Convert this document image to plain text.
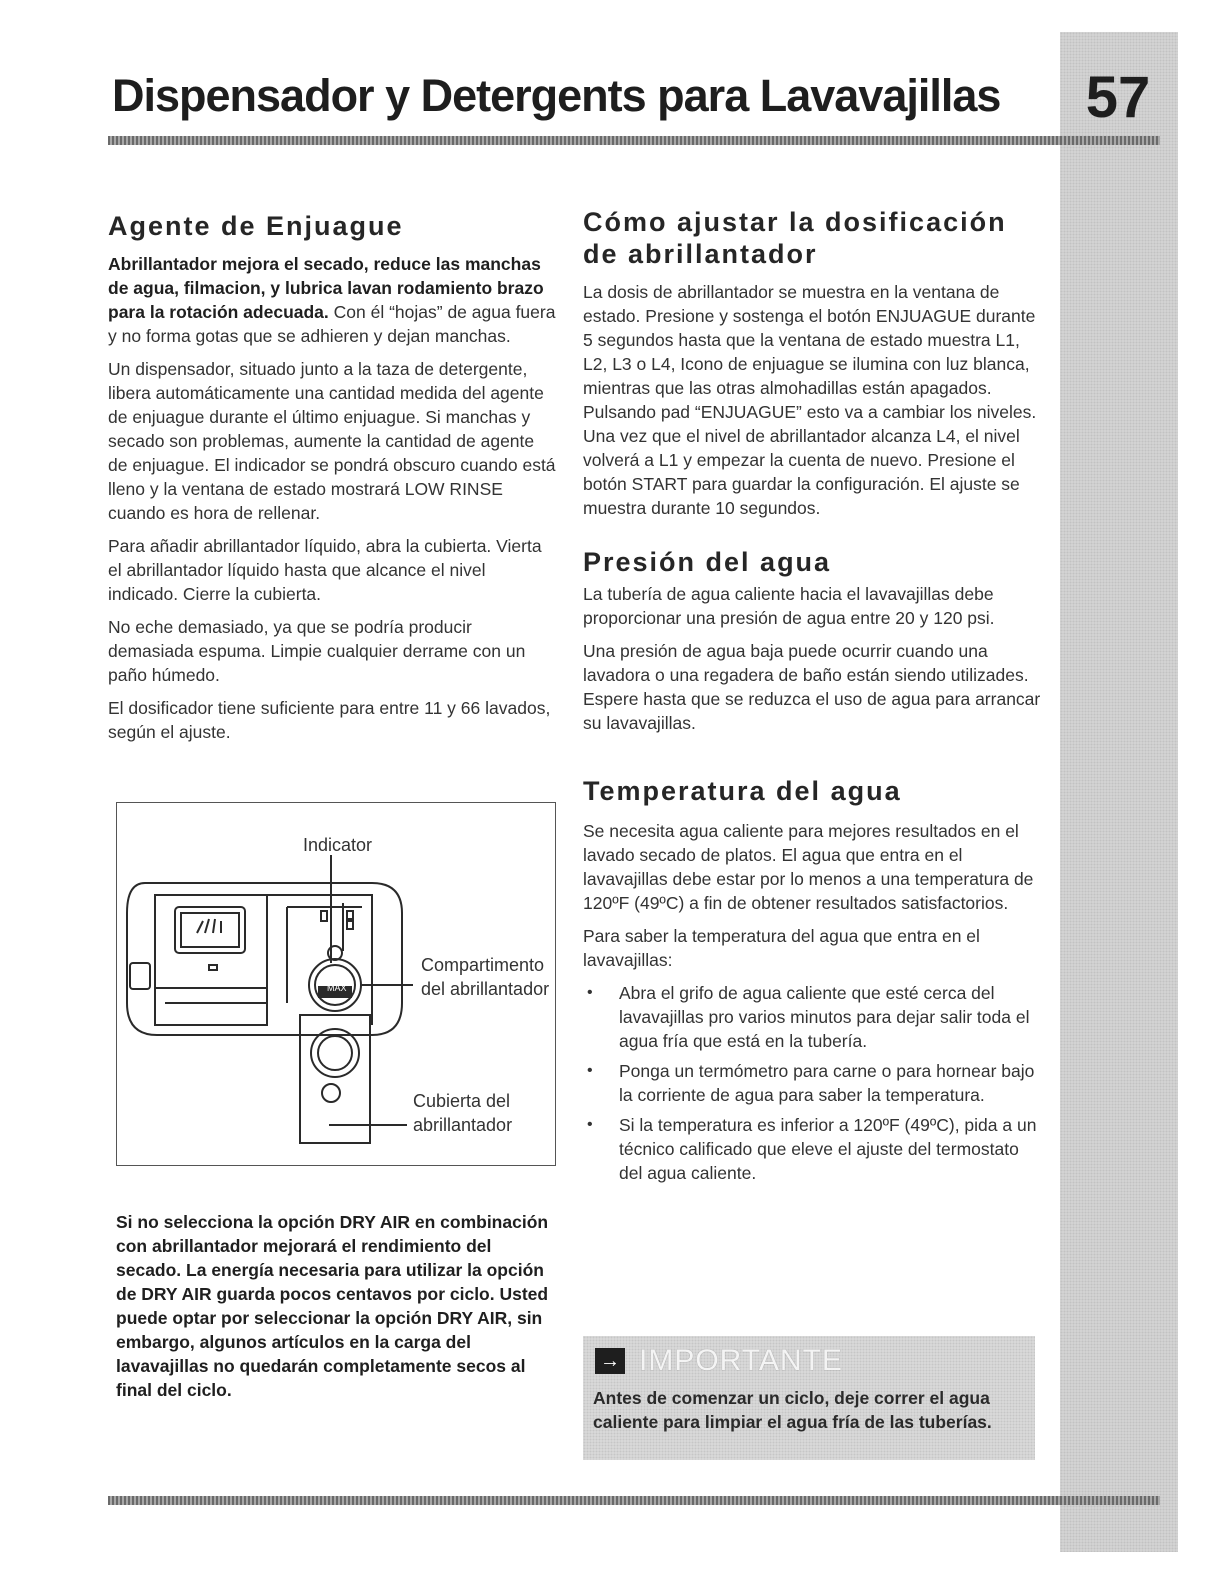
Dispensador y Detergents para Lavavajillas	57
Agente de Enjuague

Abrillantador mejora el secado, reduce las manchas de agua, filmacion, y lubrica lavan rodamiento brazo para la rotación adecuada. Con él “hojas” de agua fuera y no forma gotas que se adhieren y dejan manchas.

Un dispensador, situado junto a la taza de detergente, libera automáticamente una cantidad medida del agente de enjuague durante el último enjuague. Si manchas y secado son problemas, aumente la cantidad de agente de enjuague. El indicador se pondrá obscuro cuando está lleno y la ventana de estado mostrará LOW RINSE cuando es hora de rellenar.

Para añadir abrillantador líquido, abra la cubierta. Vierta el abrillantador líquido hasta que alcance el nivel indicado. Cierre la cubierta.

No eche demasiado, ya que se podría producir demasiada espuma. Limpie cualquier derrame con un paño húmedo.

El dosificador tiene suficiente para entre 11 y 66 lavados, según el ajuste.

MAX
Indicator
Compartimento del abrillantador
Cubierta del abrillantador

Si no selecciona la opción DRY AIR en combinación con abrillantador mejorará el rendimiento del secado. La energía necesaria para utilizar la opción de DRY AIR guarda pocos centavos por ciclo. Usted puede optar por seleccionar la opción DRY AIR, sin embargo, algunos artículos en la carga del lavavajillas no quedarán completamente secos al final del ciclo.

Cómo ajustar la dosificación de abrillantador

La dosis de abrillantador se muestra en la ventana de estado. Presione y sostenga el botón ENJUAGUE durante 5 segundos hasta que la ventana de estado muestra L1, L2, L3 o L4, Icono de enjuague se ilumina con luz blanca, mientras que las otras almohadillas están apagados. Pulsando pad “ENJUAGUE” esto va a cambiar los niveles. Una vez que el nivel de abrillantador alcanza L4, el nivel volverá a L1 y empezar la cuenta de nuevo. Presione el botón START para guardar la configuración. El ajuste se muestra durante 10 segundos.

Presión del agua

La tubería de agua caliente hacia el lavavajillas debe proporcionar una presión de agua entre 20 y 120 psi.

Una presión de agua baja puede ocurrir cuando una lavadora o una regadera de baño están siendo utilizades. Espere hasta que se reduzca el uso de agua para arrancar su lavavajillas.

Temperatura del agua

Se necesita agua caliente para mejores resultados en el lavado secado de platos. El agua que entra en el lavavajillas debe estar por lo menos a una temperatura de 120ºF (49ºC) a fin de obtener resultados satisfactorios.

Para saber la temperatura del agua que entra en el lavavajillas:

• Abra el grifo de agua caliente que esté cerca del lavavajillas pro varios minutos para dejar salir toda el agua fría que está en la tubería.
• Ponga un termómetro para carne o para hornear bajo la corriente de agua para saber la temperatura.
• Si la temperatura es inferior a 120ºF (49ºC), pida a un técnico calificado que eleve el ajuste del termostato del agua caliente.
→ IMPORTANTE
Antes de comenzar un ciclo, deje correr el agua caliente para limpiar el agua fría de las tuberías.
